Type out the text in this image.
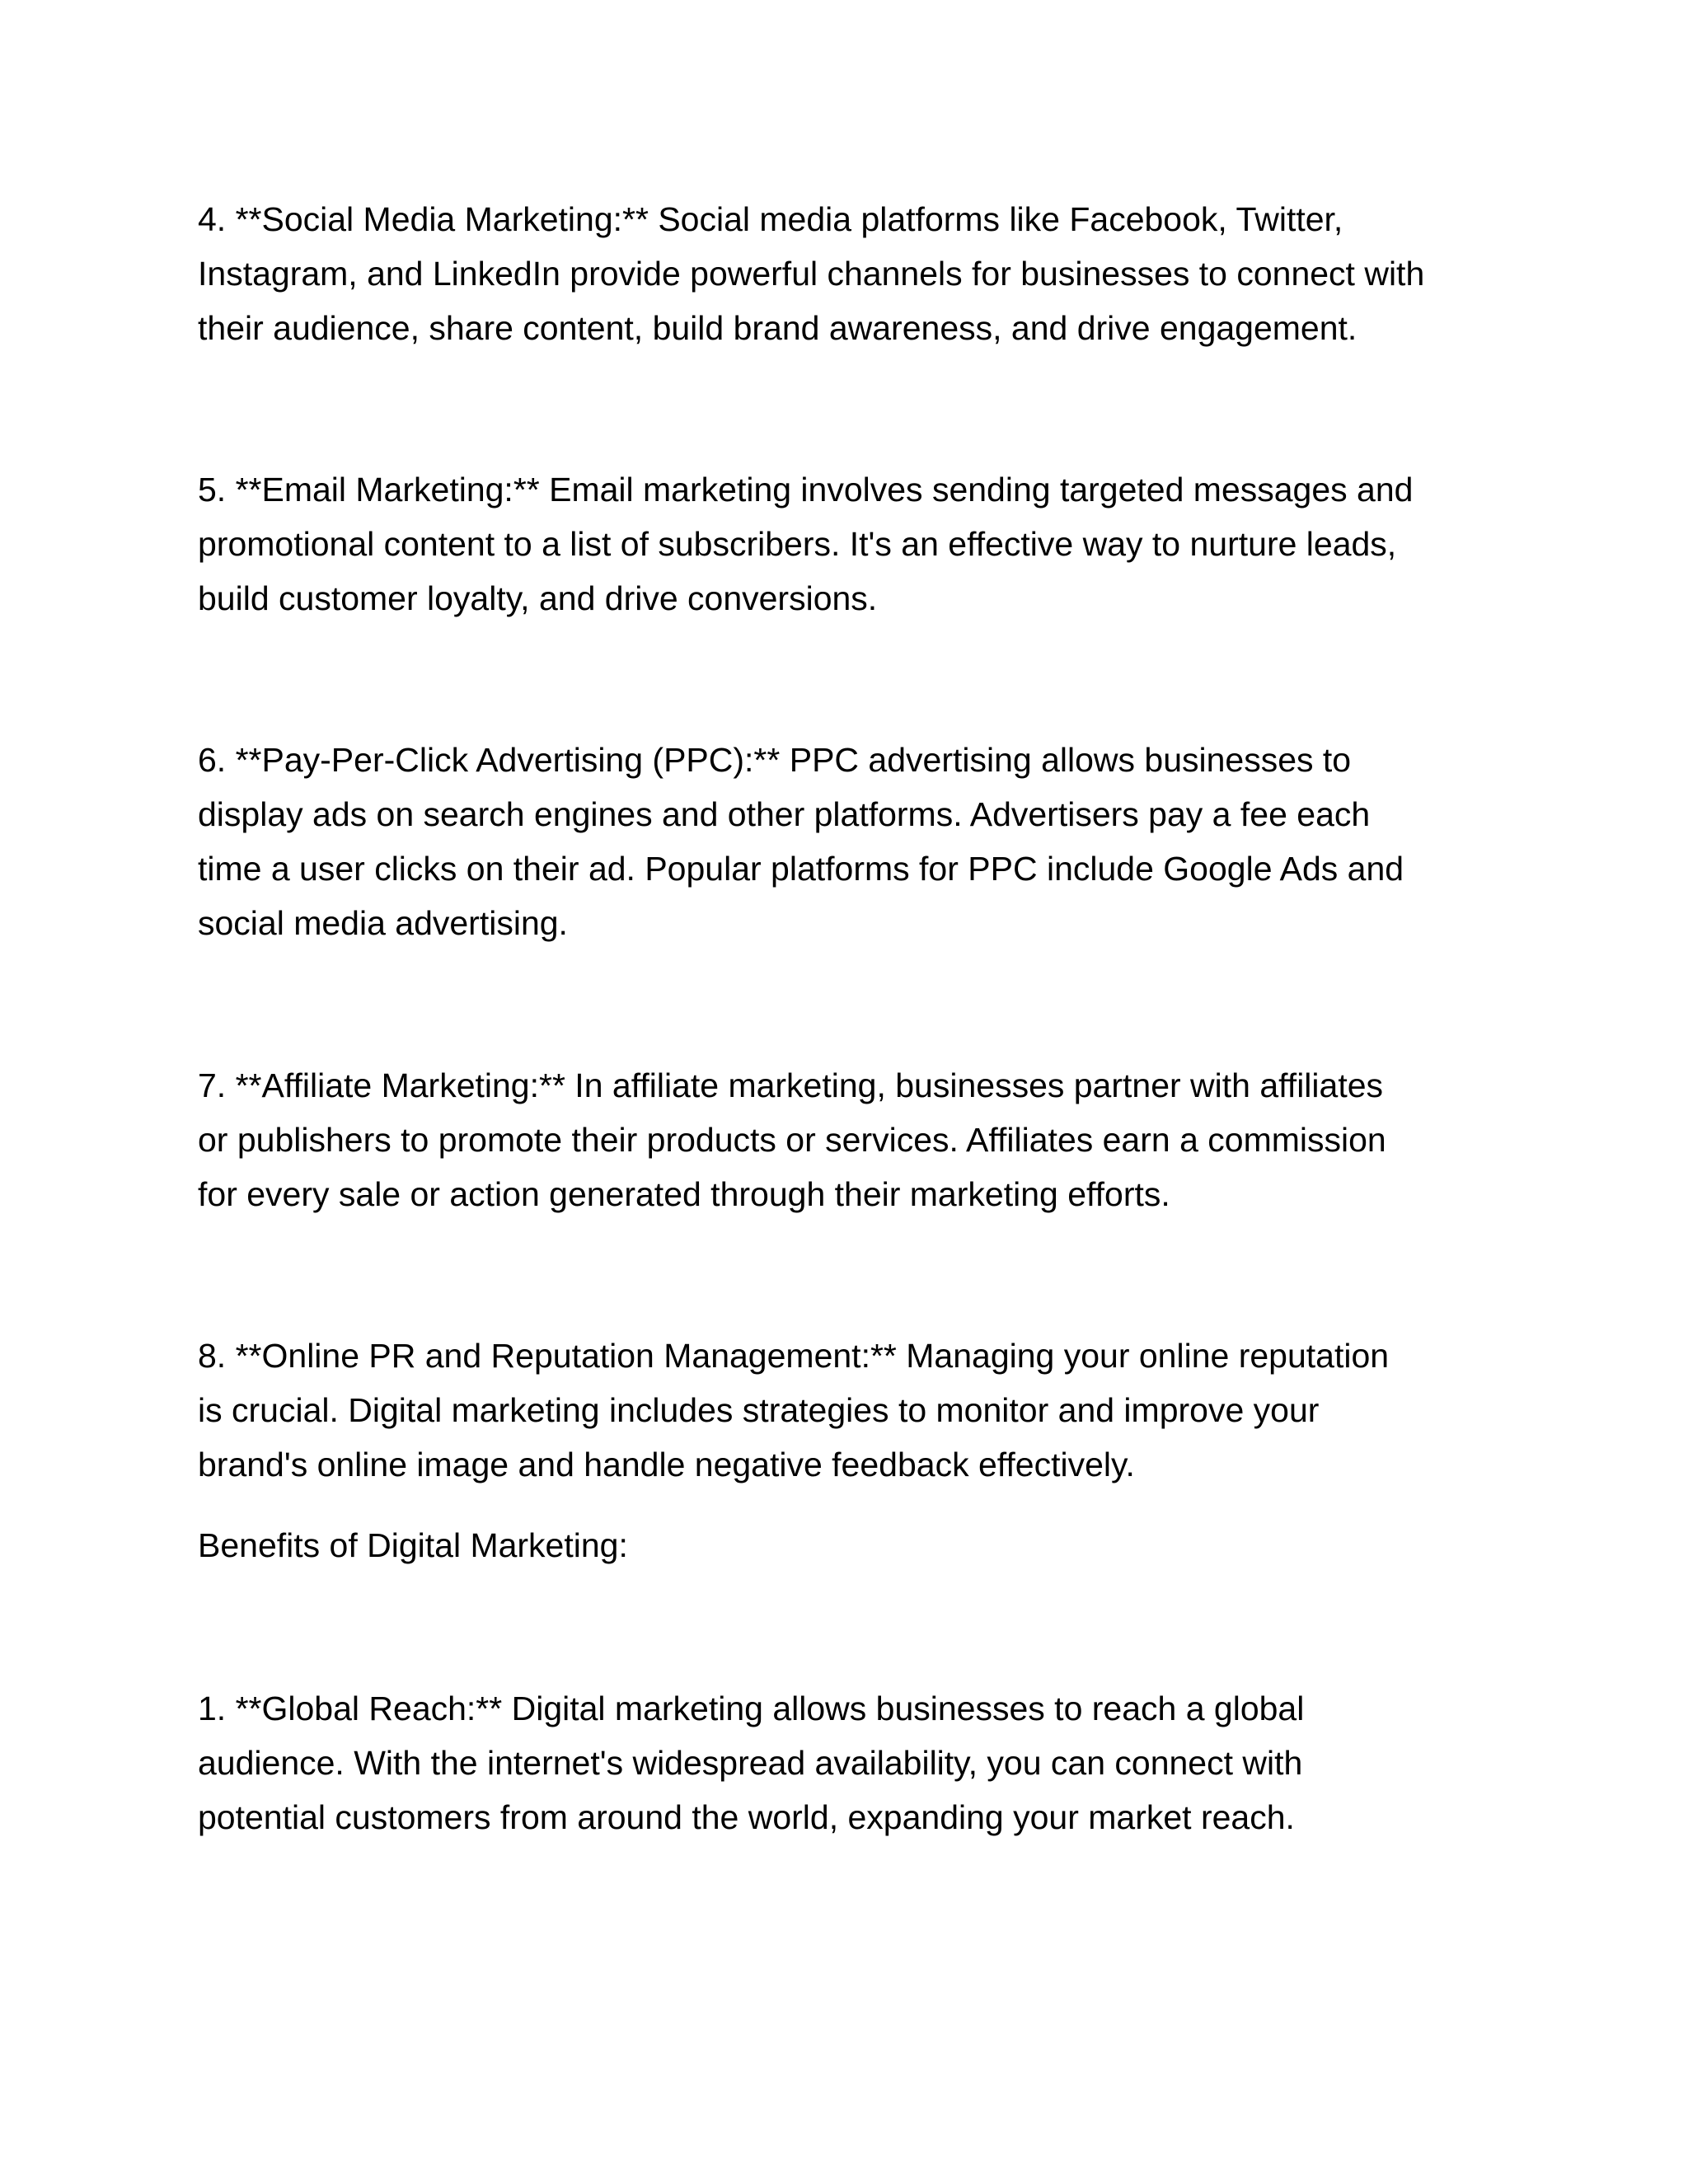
4. **Social Media Marketing:** Social media platforms like Facebook, Twitter,
Instagram, and LinkedIn provide powerful channels for businesses to connect with
their audience, share content, build brand awareness, and drive engagement.

5. **Email Marketing:** Email marketing involves sending targeted messages and
promotional content to a list of subscribers. It's an effective way to nurture leads,
build customer loyalty, and drive conversions.

6. **Pay-Per-Click Advertising (PPC):** PPC advertising allows businesses to
display ads on search engines and other platforms. Advertisers pay a fee each
time a user clicks on their ad. Popular platforms for PPC include Google Ads and
social media advertising.

7. **Affiliate Marketing:** In affiliate marketing, businesses partner with affiliates
or publishers to promote their products or services. Affiliates earn a commission
for every sale or action generated through their marketing efforts.

8. **Online PR and Reputation Management:** Managing your online reputation
is crucial. Digital marketing includes strategies to monitor and improve your
brand's online image and handle negative feedback effectively.

Benefits of Digital Marketing:

1. **Global Reach:** Digital marketing allows businesses to reach a global
audience. With the internet's widespread availability, you can connect with
potential customers from around the world, expanding your market reach.
